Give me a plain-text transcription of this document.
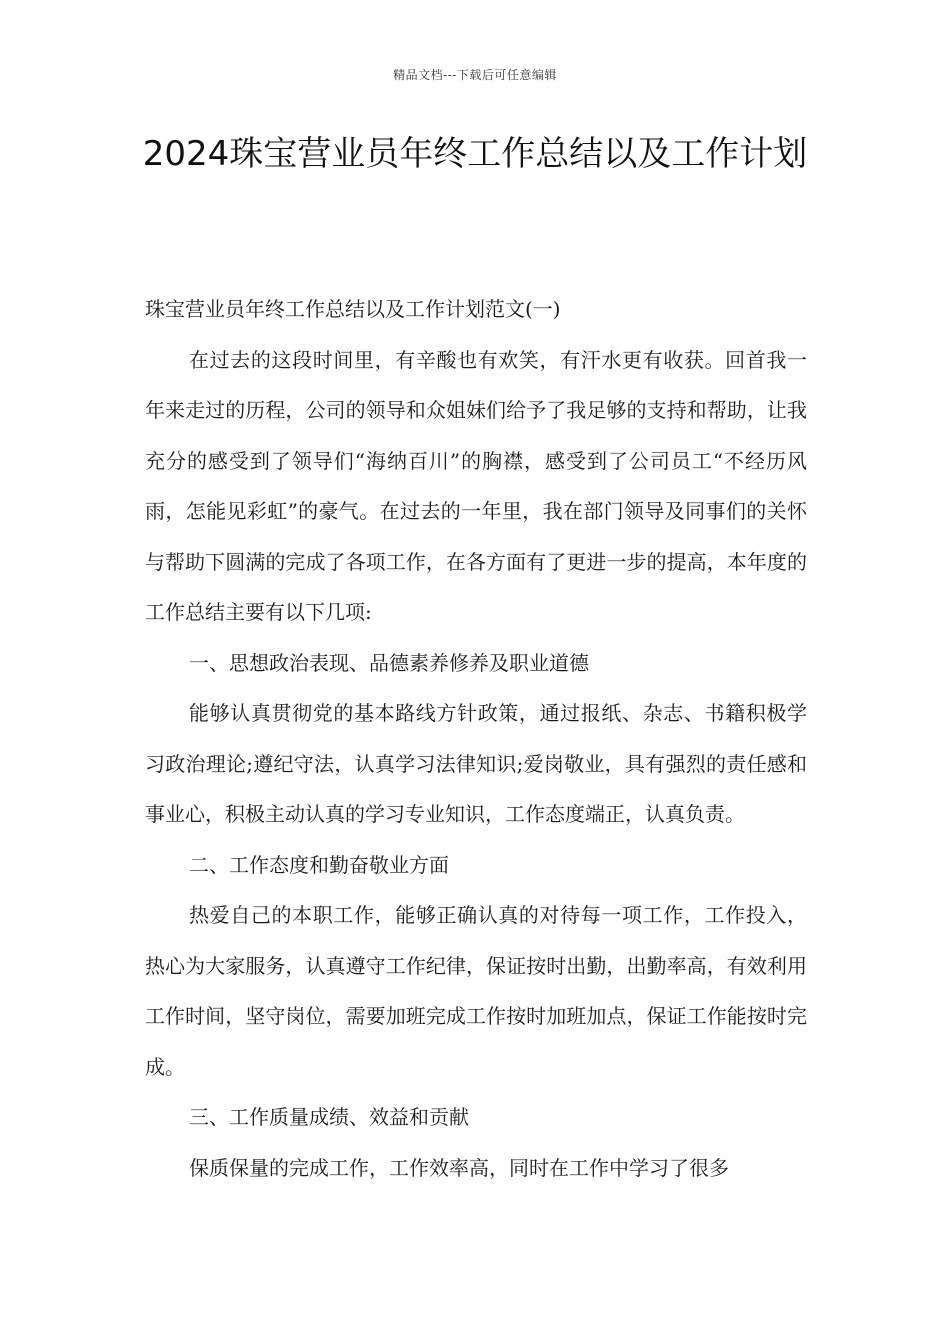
精品文档---下载后可任意编辑
2024珠宝营业员年终工作总结以及工作计划

珠宝营业员年终工作总结以及工作计划范文(一)

在过去的这段时间里，有辛酸也有欢笑，有汗水更有收获。回首我一年来走过的历程，公司的领导和众姐妹们给予了我足够的支持和帮助，让我充分的感受到了领导们“海纳百川”的胸襟，感受到了公司员工“不经历风雨，怎能见彩虹”的豪气。在过去的一年里，我在部门领导及同事们的关怀与帮助下圆满的完成了各项工作，在各方面有了更进一步的提高，本年度的工作总结主要有以下几项:

一、思想政治表现、品德素养修养及职业道德

能够认真贯彻党的基本路线方针政策，通过报纸、杂志、书籍积极学习政治理论;遵纪守法，认真学习法律知识;爱岗敬业，具有强烈的责任感和事业心，积极主动认真的学习专业知识，工作态度端正，认真负责。

二、工作态度和勤奋敬业方面

热爱自己的本职工作，能够正确认真的对待每一项工作，工作投入，热心为大家服务，认真遵守工作纪律，保证按时出勤，出勤率高，有效利用工作时间，坚守岗位，需要加班完成工作按时加班加点，保证工作能按时完成。

三、工作质量成绩、效益和贡献

保质保量的完成工作，工作效率高，同时在工作中学习了很多
